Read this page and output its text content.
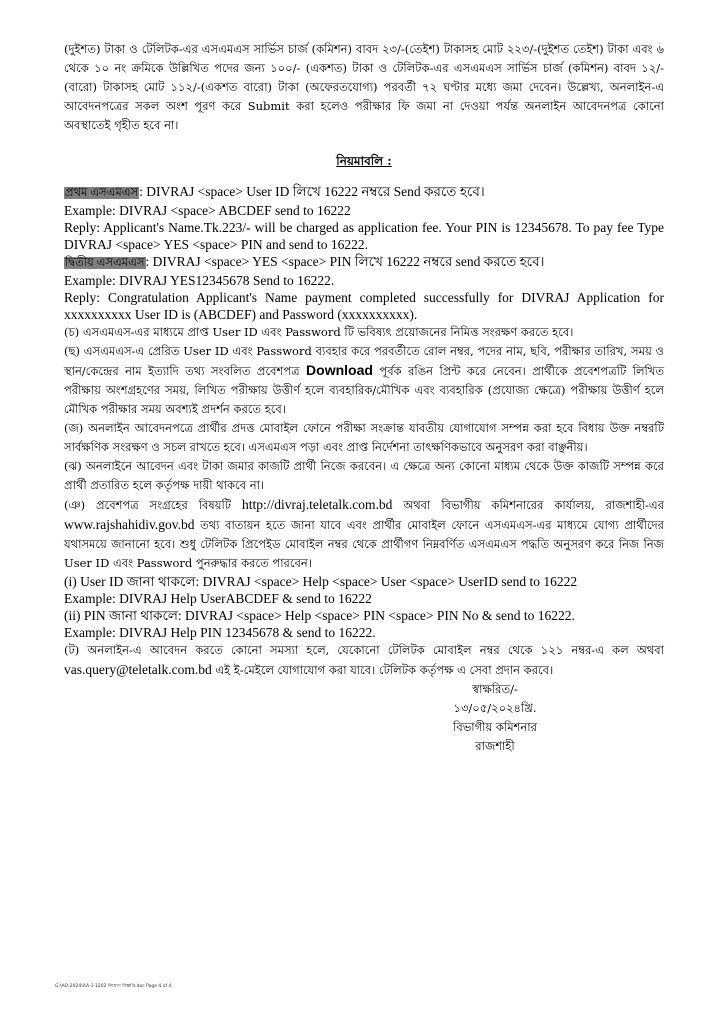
(দুইশত) টাকা ও টেলিটক-এর এসএমএস সার্ভিস চার্জ (কমিশন) বাবদ ২৩/-(তেইশ) টাকাসহ মোট ২২৩/-(দুইশত তেইশ) টাকা এবং ৬ থেকে ১০ নং ক্রমিকে উল্লিখিত পদের জন্য ১০০/- (একশত) টাকা ও টেলিটক-এর এসএমএস সার্ভিস চার্জ (কমিশন) বাবদ ১২/-(বারো) টাকাসহ মোট ১১২/-(একশত বারো) টাকা (অফেরতযোগ্য) পরবর্তী ৭২ ঘণ্টার মধ্যে জমা দেবেন। উল্লেখ্য, অনলাইন-এ আবেদনপত্রের সকল অংশ পূরণ করে Submit করা হলেও পরীক্ষার ফি জমা না দেওয়া পর্যন্ত অনলাইন আবেদনপত্র কোনো অবস্থাতেই গৃহীত হবে না।

নিয়মাবলি :

প্রথম এসএমএস: DIVRAJ <space> User ID লিখে 16222 নম্বরে Send করতে হবে।

Example: DIVRAJ <space> ABCDEF send to 16222

Reply: Applicant's Name.Tk.223/- will be charged as application fee. Your PIN is 12345678. To pay fee Type DIVRAJ <space> YES <space> PIN and send to 16222.

দ্বিতীয় এসএমএস: DIVRAJ <space> YES <space> PIN লিখে 16222 নম্বরে send করতে হবে।

Example: DIVRAJ YES12345678 Send to 16222.

Reply: Congratulation Applicant's Name payment completed successfully for DIVRAJ Application for xxxxxxxxxx User ID is (ABCDEF) and Password (xxxxxxxxxx).

(চ) এসএমএস-এর মাধ্যমে প্রাপ্ত User ID এবং Password টি ভবিষ্যৎ প্রয়োজনের নিমিত্ত সংরক্ষণ করতে হবে।

(ছ) এসএমএস-এ প্রেরিত User ID এবং Password ব্যবহার করে পরবর্তীতে রোল নম্বর, পদের নাম, ছবি, পরীক্ষার তারিখ, সময় ও স্থান/কেন্দ্রের নাম ইত্যাদি তথ্য সংবলিত প্রবেশপত্র Download পূর্বক রঙিন প্রিন্ট করে নেবেন। প্রার্থীকে প্রবেশপত্রটি লিখিত পরীক্ষায় অংশগ্রহণের সময়, লিখিত পরীক্ষায় উত্তীর্ণ হলে ব্যবহারিক/মৌখিক এবং ব্যবহারিক (প্রযোজ্য ক্ষেত্রে) পরীক্ষায় উত্তীর্ণ হলে মৌখিক পরীক্ষার সময় অবশ্যই প্রদর্শন করতে হবে।

(জ) অনলাইন আবেদনপত্রে প্রার্থীর প্রদত্ত মোবাইল ফোনে পরীক্ষা সংক্রান্ত যাবতীয় যোগাযোগ সম্পন্ন করা হবে বিধায় উক্ত নম্বরটি সার্বক্ষণিক সংরক্ষণ ও সচল রাখতে হবে। এসএমএস পড়া এবং প্রাপ্ত নির্দেশনা তাৎক্ষণিকভাবে অনুসরণ করা বাঞ্ছনীয়।

(ঝ) অনলাইনে আবেদন এবং টাকা জমার কাজটি প্রার্থী নিজে করবেন। এ ক্ষেত্রে অন্য কোনো মাধ্যম থেকে উক্ত কাজটি সম্পন্ন করে প্রার্থী প্রতারিত হলে কর্তৃপক্ষ দায়ী থাকবে না।

(ঞ) প্রবেশপত্র সংগ্রহের বিষয়টি http://divraj.teletalk.com.bd অথবা বিভাগীয় কমিশনারের কার্যালয়, রাজশাহী-এর www.rajshahidiv.gov.bd তথ্য বাতায়ন হতে জানা যাবে এবং প্রার্থীর মোবাইল ফোনে এসএমএস-এর মাধ্যমে যোগ্য প্রার্থীদের যথাসময়ে জানানো হবে। শুধু টেলিটক প্রিপেইড মোবাইল নম্বর থেকে প্রার্থীগণ নিম্নবর্ণিত এসএমএস পদ্ধতি অনুসরণ করে নিজ নিজ User ID এবং Password পুনরুদ্ধার করতে পারবেন।

(i) User ID জানা থাকলে: DIVRAJ <space> Help <space> User <space> UserID send to 16222

Example: DIVRAJ Help UserABCDEF & send to 16222

(ii) PIN জানা থাকলে: DIVRAJ <space> Help <space> PIN <space> PIN No & send to 16222.

Example: DIVRAJ Help PIN 12345678 & send to 16222.

(ট) অনলাইন-এ আবেদন করতে কোনো সমস্যা হলে, যেকোনো টেলিটক মোবাইল নম্বর থেকে ১২১ নম্বর-এ কল অথবা vas.query@teletalk.com.bd এই ই-মেইলে যোগাযোগ করা যাবে। টেলিটক কর্তৃপক্ষ এ সেবা প্রদান করবে।

স্বাক্ষরিত/-
১৩/০৫/২০২৪খ্রি.
বিভাগীয় কমিশনার
রাজশাহী
G:\AO-2024\AA-1-1202 নিয়োগ বিজ্ঞপ্তি.doc Page 4 of 4
